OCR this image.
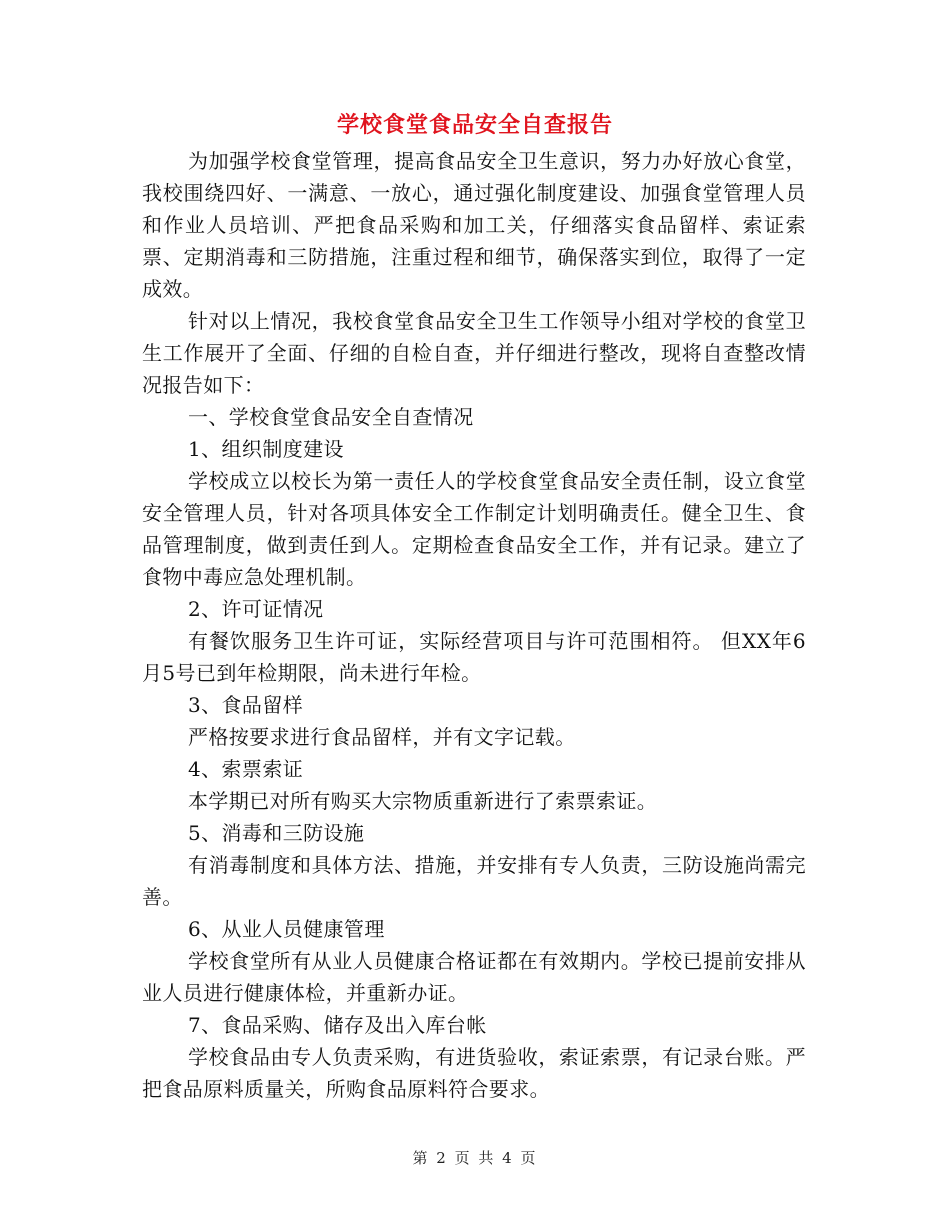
学校食堂食品安全自查报告

为加强学校食堂管理，提高食品安全卫生意识，努力办好放心食堂，我校围绕四好、一满意、一放心，通过强化制度建设、加强食堂管理人员和作业人员培训、严把食品采购和加工关，仔细落实食品留样、索证索票、定期消毒和三防措施，注重过程和细节，确保落实到位，取得了一定成效。

针对以上情况，我校食堂食品安全卫生工作领导小组对学校的食堂卫生工作展开了全面、仔细的自检自查，并仔细进行整改，现将自查整改情况报告如下：

一、学校食堂食品安全自查情况

1、组织制度建设

学校成立以校长为第一责任人的学校食堂食品安全责任制，设立食堂安全管理人员，针对各项具体安全工作制定计划明确责任。健全卫生、食品管理制度，做到责任到人。定期检查食品安全工作，并有记录。建立了食物中毒应急处理机制。

2、许可证情况

有餐饮服务卫生许可证，实际经营项目与许可范围相符。 但XX年6月5号已到年检期限，尚未进行年检。

3、食品留样

严格按要求进行食品留样，并有文字记载。

4、索票索证

本学期已对所有购买大宗物质重新进行了索票索证。

5、消毒和三防设施

有消毒制度和具体方法、措施，并安排有专人负责，三防设施尚需完善。

6、从业人员健康管理

学校食堂所有从业人员健康合格证都在有效期内。学校已提前安排从业人员进行健康体检，并重新办证。

7、食品采购、储存及出入库台帐

学校食品由专人负责采购，有进货验收，索证索票，有记录台账。严把食品原料质量关，所购食品原料符合要求。

第 2 页 共 4 页
